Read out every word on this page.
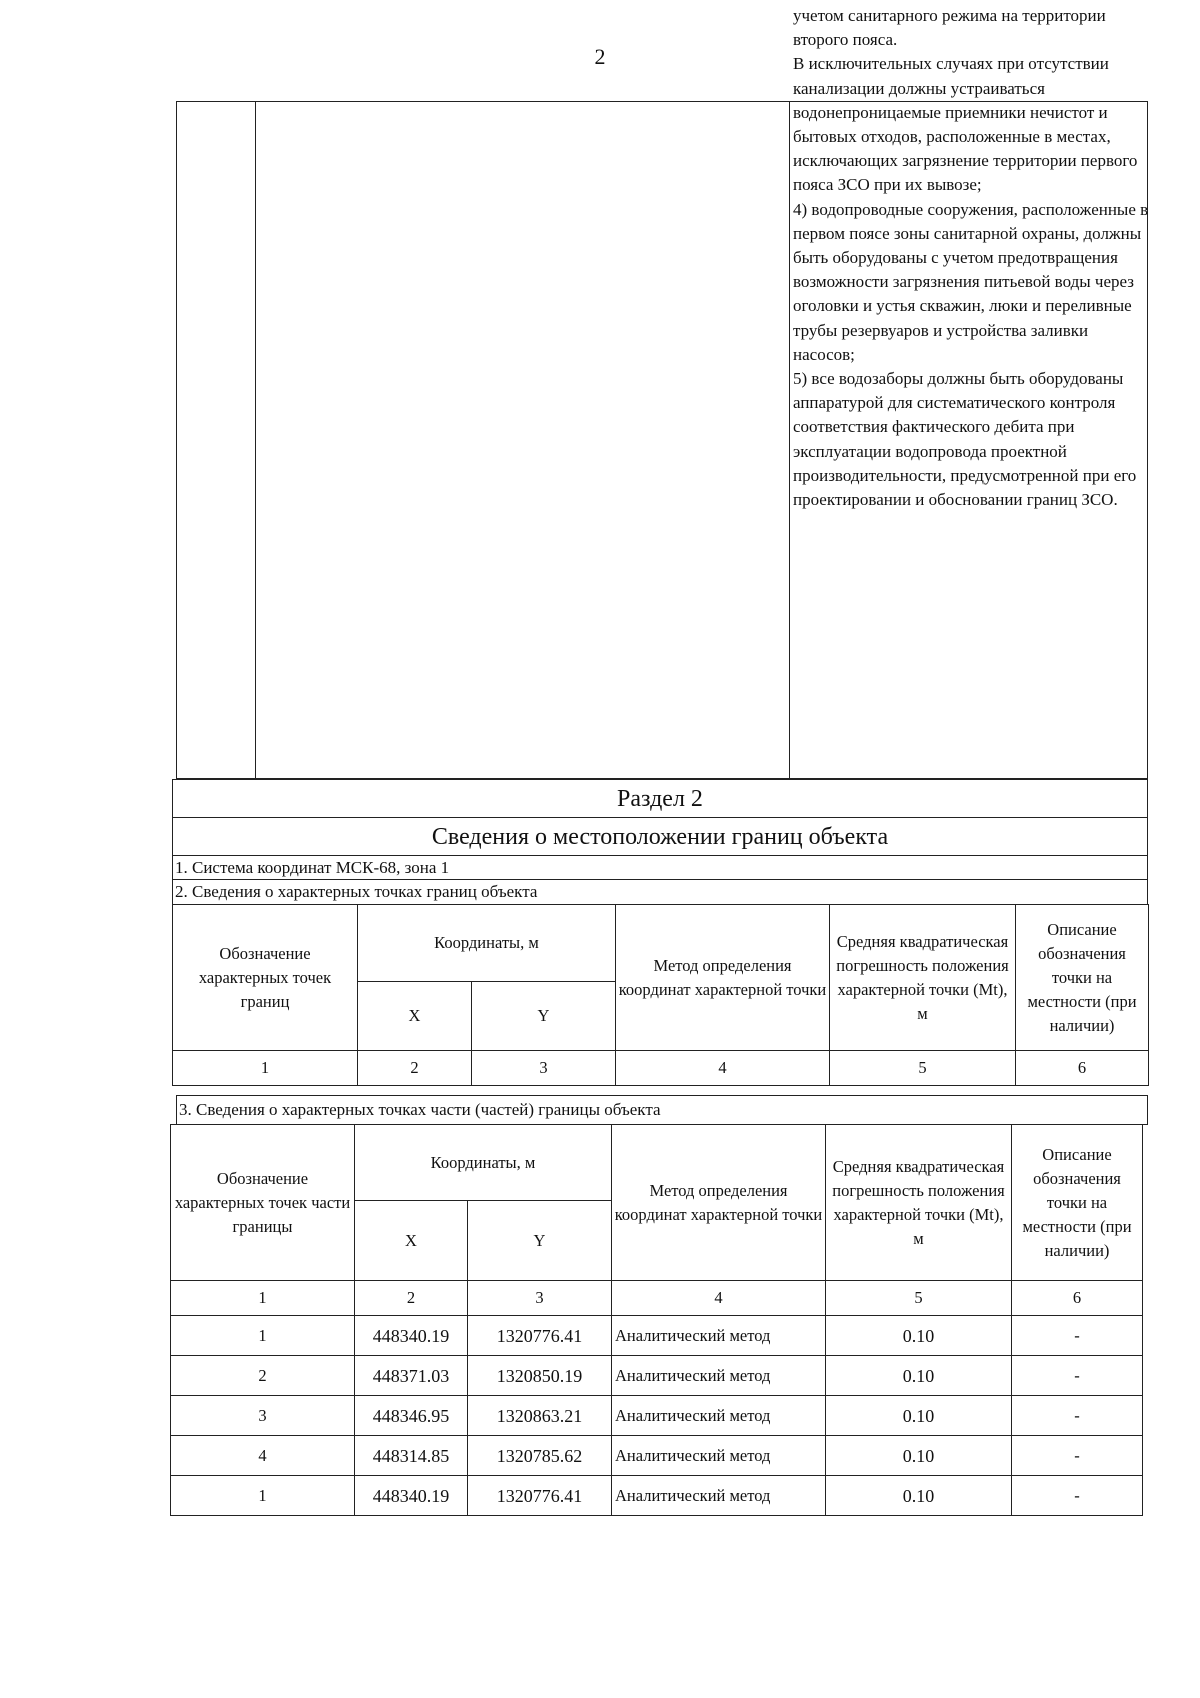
2
учетом санитарного режима на территории второго пояса.
В исключительных случаях при отсутствии канализации должны устраиваться водонепроницаемые приемники нечистот и бытовых отходов, расположенные в местах, исключающих загрязнение территории первого пояса ЗСО при их вывозе;
4) водопроводные сооружения, расположенные в первом поясе зоны санитарной охраны, должны быть оборудованы с учетом предотвращения возможности загрязнения питьевой воды через оголовки и устья скважин, люки и переливные трубы резервуаров и устройства заливки насосов;
5) все водозаборы должны быть оборудованы аппаратурой для систематического контроля соответствия фактического дебита при эксплуатации водопровода проектной производительности, предусмотренной при его проектировании и обосновании границ ЗСО.
Раздел 2
Сведения о местоположении границ объекта
1. Система координат МСК-68, зона 1
2. Сведения о характерных точках границ объекта
Обозначение характерных точек границ	Координаты, м		Метод определения координат характерной точки	Средняя квадратическая погрешность положения характерной точки (Mt), м	Описание обозначения точки на местности (при наличии)
	X	Y			
1	2	3	4	5	6
3. Сведения о характерных точках части (частей) границы объекта
Обозначение характерных точек части границы	Координаты, м		Метод определения координат характерной точки	Средняя квадратическая погрешность положения характерной точки (Mt), м	Описание обозначения точки на местности (при наличии)
	X	Y			
1	2	3	4	5	6
1	448340.19	1320776.41	Аналитический метод	0.10	-
2	448371.03	1320850.19	Аналитический метод	0.10	-
3	448346.95	1320863.21	Аналитический метод	0.10	-
4	448314.85	1320785.62	Аналитический метод	0.10	-
1	448340.19	1320776.41	Аналитический метод	0.10	-
